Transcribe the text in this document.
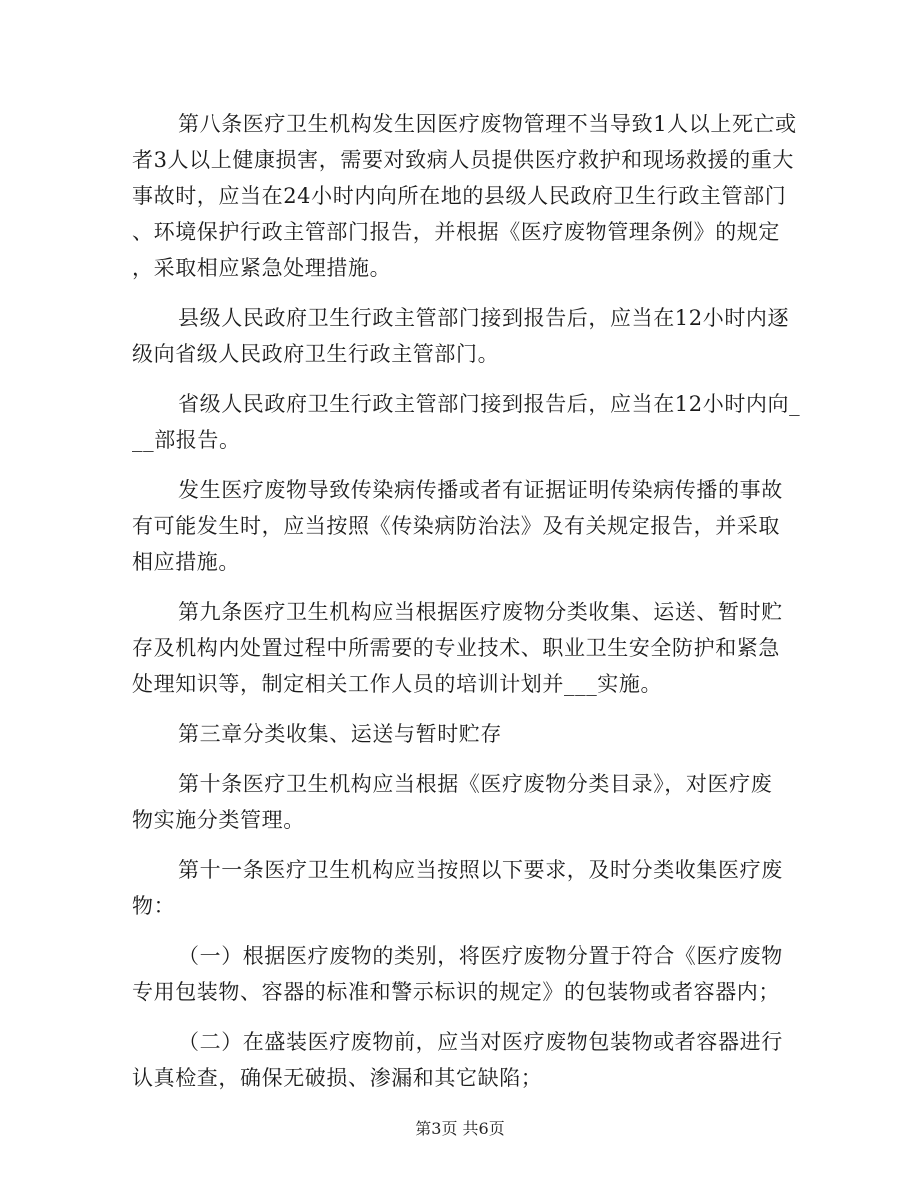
第八条医疗卫生机构发生因医疗废物管理不当导致1人以上死亡或
者3人以上健康损害，需要对致病人员提供医疗救护和现场救援的重大
事故时，应当在24小时内向所在地的县级人民政府卫生行政主管部门
、环境保护行政主管部门报告，并根据《医疗废物管理条例》的规定
，采取相应紧急处理措施。

县级人民政府卫生行政主管部门接到报告后，应当在12小时内逐
级向省级人民政府卫生行政主管部门。

省级人民政府卫生行政主管部门接到报告后，应当在12小时内向_
__部报告。

发生医疗废物导致传染病传播或者有证据证明传染病传播的事故
有可能发生时，应当按照《传染病防治法》及有关规定报告，并采取
相应措施。

第九条医疗卫生机构应当根据医疗废物分类收集、运送、暂时贮
存及机构内处置过程中所需要的专业技术、职业卫生安全防护和紧急
处理知识等，制定相关工作人员的培训计划并___实施。

第三章分类收集、运送与暂时贮存

第十条医疗卫生机构应当根据《医疗废物分类目录》，对医疗废
物实施分类管理。

第十一条医疗卫生机构应当按照以下要求，及时分类收集医疗废
物：

（一）根据医疗废物的类别，将医疗废物分置于符合《医疗废物
专用包装物、容器的标准和警示标识的规定》的包装物或者容器内；

（二）在盛装医疗废物前，应当对医疗废物包装物或者容器进行
认真检查，确保无破损、渗漏和其它缺陷；

第3页 共6页
